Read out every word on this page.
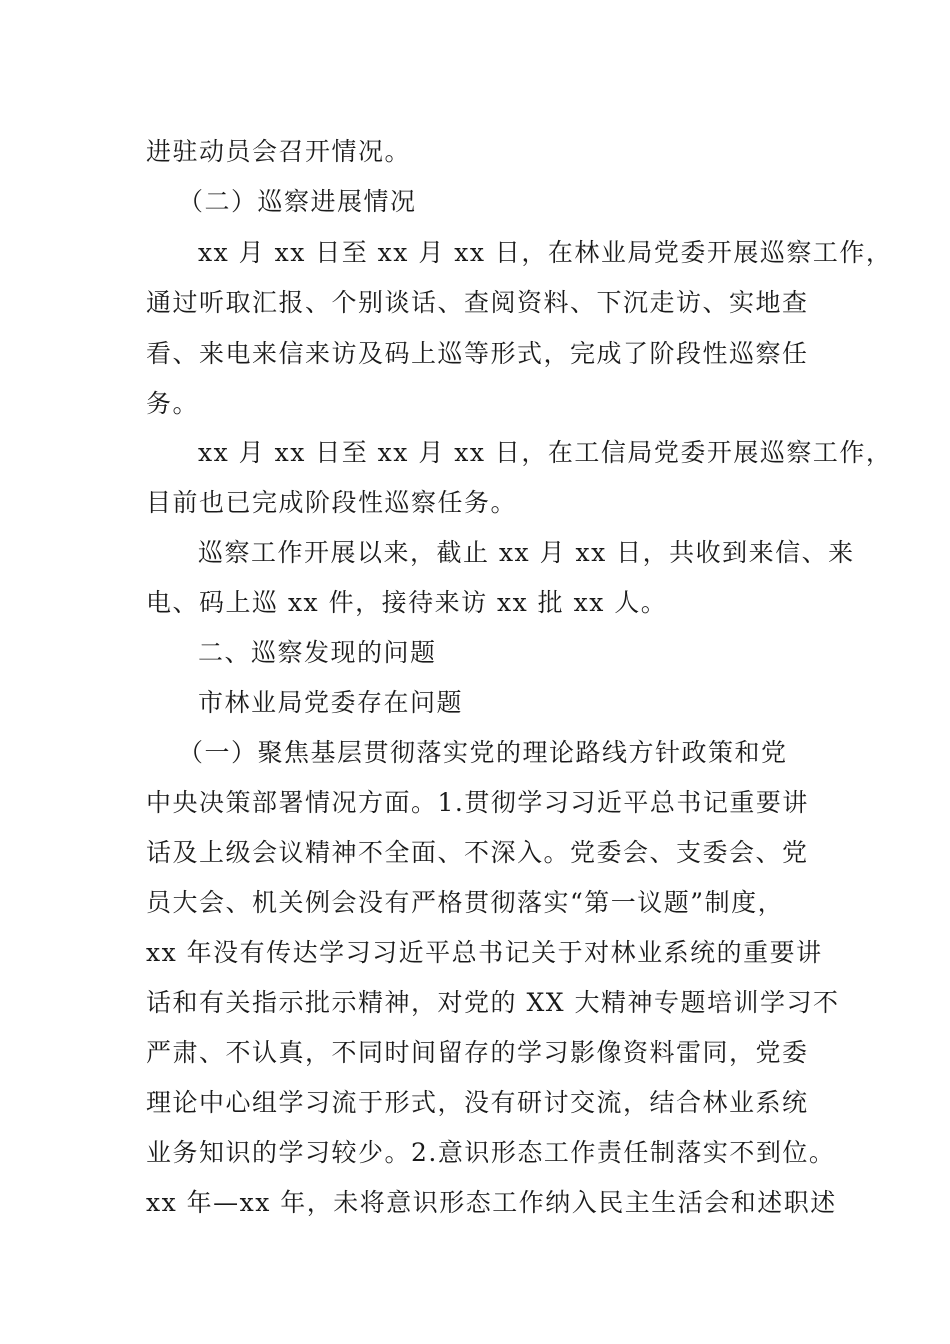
进驻动员会召开情况。
（二）巡察进展情况
xx 月 xx 日至 xx 月 xx 日，在林业局党委开展巡察工作，
通过听取汇报、个别谈话、查阅资料、下沉走访、实地查
看、来电来信来访及码上巡等形式，完成了阶段性巡察任
务。
xx 月 xx 日至 xx 月 xx 日，在工信局党委开展巡察工作，
目前也已完成阶段性巡察任务。
巡察工作开展以来，截止 xx 月 xx 日，共收到来信、来
电、码上巡 xx 件，接待来访 xx 批 xx 人。
二、巡察发现的问题
市林业局党委存在问题
（一）聚焦基层贯彻落实党的理论路线方针政策和党
中央决策部署情况方面。1.贯彻学习习近平总书记重要讲
话及上级会议精神不全面、不深入。党委会、支委会、党
员大会、机关例会没有严格贯彻落实“第一议题”制度，
xx 年没有传达学习习近平总书记关于对林业系统的重要讲
话和有关指示批示精神，对党的 XX 大精神专题培训学习不
严肃、不认真，不同时间留存的学习影像资料雷同，党委
理论中心组学习流于形式，没有研讨交流，结合林业系统
业务知识的学习较少。2.意识形态工作责任制落实不到位。
xx 年—xx 年，未将意识形态工作纳入民主生活会和述职述
